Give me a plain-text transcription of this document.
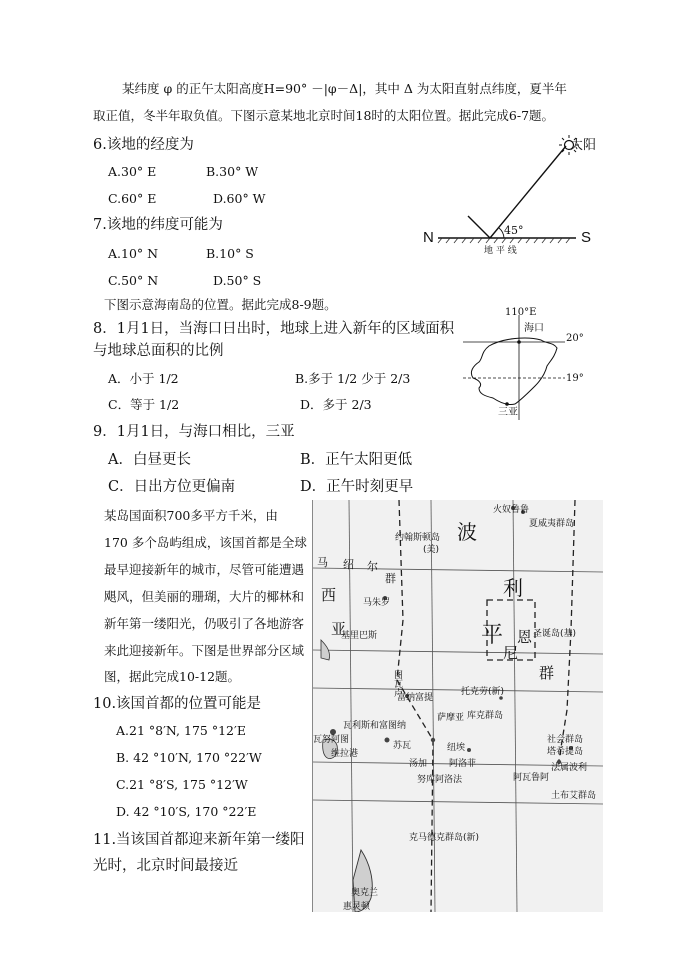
某纬度 φ 的正午太阳高度H=90° －|φ－Δ|，其中 Δ 为太阳直射点纬度，夏半年
取正值，冬半年取负值。下图示意某地北京时间18时的太阳位置。据此完成6-7题。
6.该地的经度为
A.30° E	B.30° W
C.60° E	D.60° W
7.该地的纬度可能为
A.10° N	B.10° S
C.50° N	D.50° S
太阳
45°
N	S
地 平 线
下图示意海南岛的位置。据此完成8-9题。
110°E
海口
20°
19°
三亚
8．1月1日，当海口日出时，地球上进入新年的区域面积
与地球总面积的比例
A．小于 1/2	B.多于 1/2 少于 2/3
C．等于 1/2	D．多于 2/3
9．1月1日，与海口相比，三亚
A．白昼更长	B．正午太阳更低
C．日出方位更偏南	D．正午时刻更早
某岛国面积700多平方千米，由
170 多个岛屿组成，该国首都是全球
最早迎接新年的城市，尽管可能遭遇
飓风，但美丽的珊瑚，大片的椰林和
新年第一缕阳光，仍吸引了各地游客
来此迎接新年。下图是世界部分区域
图，据此完成10-12题。
10.该国首都的位置可能是
A.21 °8′N, 175 °12′E
B. 42 °10′N, 170 °22′W
C.21 °8′S, 175 °12′W
D. 42 °10′S, 170 °22′E
11.当该国首都迎来新年第一缕阳
光时，北京时间最接近
火奴鲁鲁
夏威夷群岛
约翰斯顿岛
(美)
波
利
马 绍 尔
群
西
亚
马朱罗
基里巴斯	平 恩
尼
群
圣诞岛(基)
图瓦卢
瓦利斯和富图纳
萨摩亚
富纳富提
托克劳(新)
库克群岛
瓦努阿图
维拉港
苏瓦	纽埃
阿洛菲
汤加
努库阿洛法
克马德克群岛(新)
法属波利
社会群岛
塔希提岛
阿瓦鲁阿
土布艾群岛
奥克兰
惠灵顿
